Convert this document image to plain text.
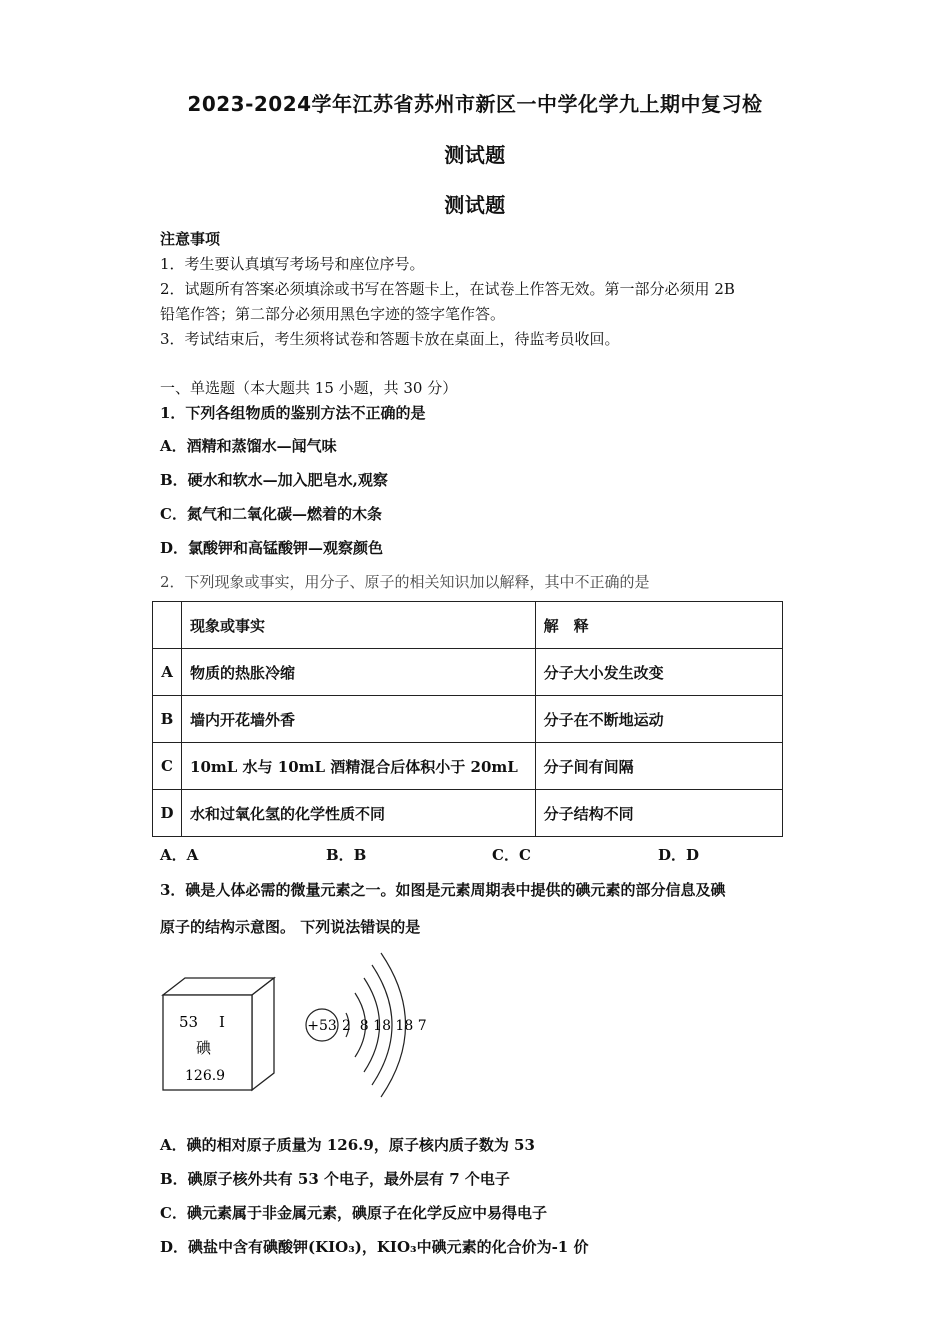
2023-2024学年江苏省苏州市新区一中学化学九上期中复习检
测试题
测试题
注意事项
1．考生要认真填写考场号和座位序号。
2．试题所有答案必须填涂或书写在答题卡上，在试卷上作答无效。第一部分必须用 2B
铅笔作答；第二部分必须用黑色字迹的签字笔作答。
3．考试结束后，考生须将试卷和答题卡放在桌面上，待监考员收回。
一、单选题（本大题共 15 小题，共 30 分）
1．下列各组物质的鉴别方法不正确的是
A．酒精和蒸馏水—闻气味
B．硬水和软水—加入肥皂水,观察
C．氮气和二氧化碳—燃着的木条
D．氯酸钾和高锰酸钾—观察颜色
2．下列现象或事实，用分子、原子的相关知识加以解释，其中不正确的是
	现象或事实	解　释
A	物质的热胀冷缩	分子大小发生改变
B	墙内开花墙外香	分子在不断地运动
C	10mL 水与 10mL 酒精混合后体积小于 20mL	分子间有间隔
D	水和过氧化氢的化学性质不同	分子结构不同
A．A	B．B	C．C	D．D
3．碘是人体必需的微量元素之一。如图是元素周期表中提供的碘元素的部分信息及碘
原子的结构示意图。 下列说法错误的是
53 I
碘
126.9
+53 2  8 18 18 7
A．碘的相对原子质量为 126.9，原子核内质子数为 53
B．碘原子核外共有 53 个电子，最外层有 7 个电子
C．碘元素属于非金属元素，碘原子在化学反应中易得电子
D．碘盐中含有碘酸钾(KIO₃)，KIO₃中碘元素的化合价为-1 价
